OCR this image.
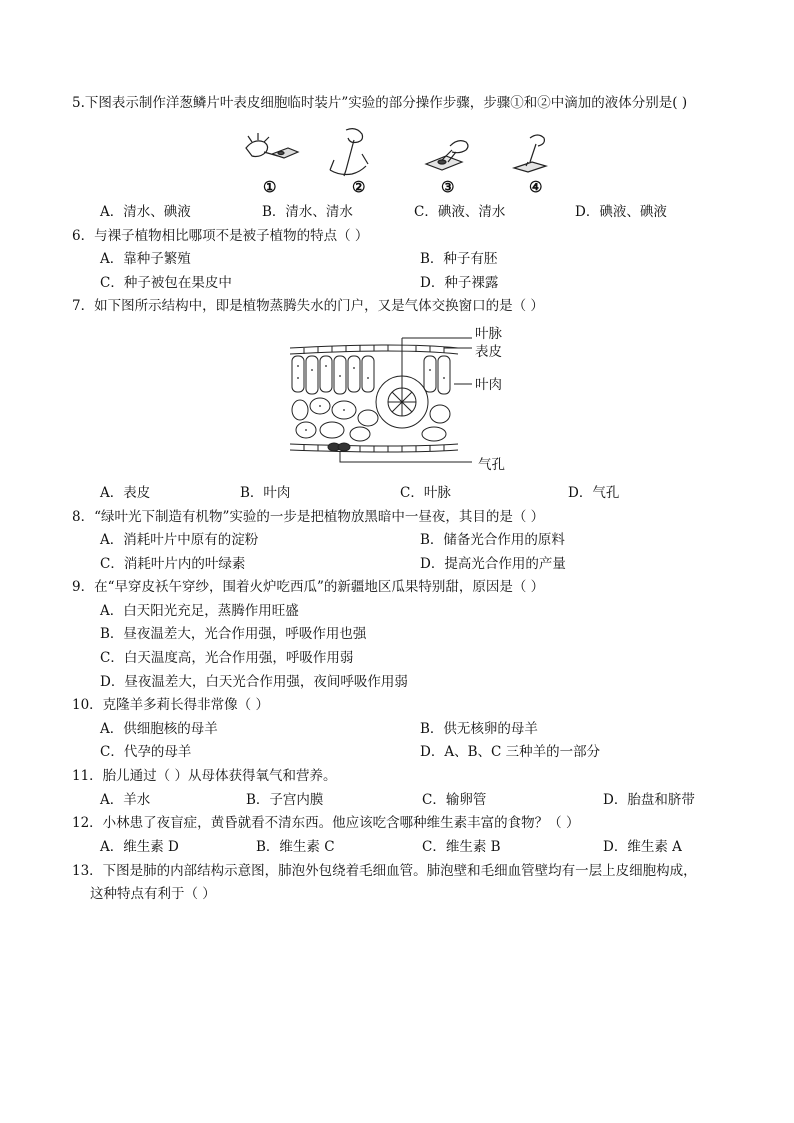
5.下图表示制作洋葱鳞片叶表皮细胞临时装片”实验的部分操作步骤，步骤①和②中滴加的液体分别是( )
①	②	③	④
A．清水、碘液	B．清水、清水	C．碘液、清水	D．碘液、碘液
6．与裸子植物相比哪项不是被子植物的特点（ ）
A．靠种子繁殖	B．种子有胚
C．种子被包在果皮中	D．种子裸露
7．如下图所示结构中，即是植物蒸腾失水的门户，又是气体交换窗口的是（ ）
叶脉
表皮
叶肉
气孔
A．表皮	B．叶肉	C．叶脉	D．气孔
8．“绿叶光下制造有机物”实验的一步是把植物放黑暗中一昼夜，其目的是（ ）
A．消耗叶片中原有的淀粉	B．储备光合作用的原料
C．消耗叶片内的叶绿素	D．提高光合作用的产量
9．在“早穿皮袄午穿纱，围着火炉吃西瓜”的新疆地区瓜果特别甜，原因是（ ）
A．白天阳光充足，蒸腾作用旺盛
B．昼夜温差大，光合作用强，呼吸作用也强
C．白天温度高，光合作用强，呼吸作用弱
D．昼夜温差大，白天光合作用强，夜间呼吸作用弱
10．克隆羊多莉长得非常像（ ）
A．供细胞核的母羊	B．供无核卵的母羊
C．代孕的母羊	D．A、B、C 三种羊的一部分
11．胎儿通过（ ）从母体获得氧气和营养。
A．羊水	B．子宫内膜	C．输卵管	D．胎盘和脐带
12．小林患了夜盲症，黄昏就看不清东西。他应该吃含哪种维生素丰富的食物？（ ）
A．维生素 D	B．维生素 C	C．维生素 B	D．维生素 A
13．下图是肺的内部结构示意图，肺泡外包绕着毛细血管。肺泡壁和毛细血管壁均有一层上皮细胞构成，
这种特点有利于（ ）
